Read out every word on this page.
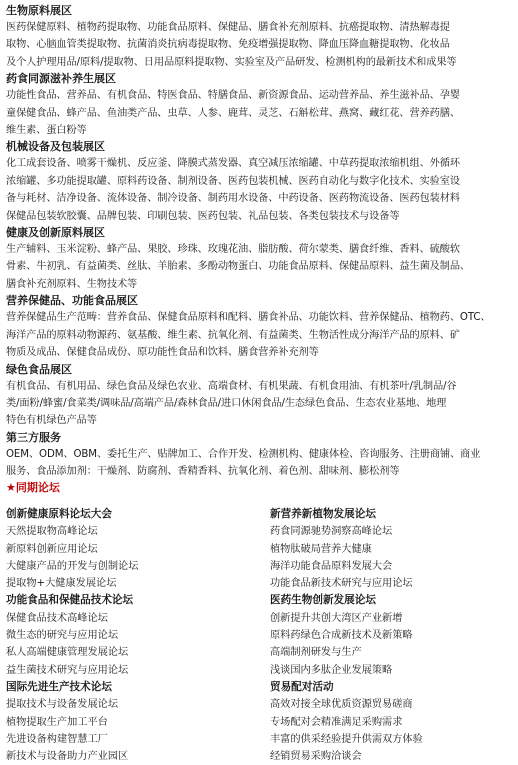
生物原料展区
医药保健原料、植物药提取物、功能食品原料、保健品、膳食补充剂原料、抗癌提取物、清热解毒提
取物、心脑血管类提取物、抗菌消炎抗病毒提取物、免疫增强提取物、降血压降血糖提取物、化妆品
及个人护理用品/原料/提取物、日用品原料提取物、实验室及产品研发、检测机构的最新技术和成果等
药食同源滋补养生展区
功能性食品、营养品、有机食品、特医食品、特膳食品、新资源食品、运动营养品、养生滋补品、孕婴
童保健食品、蜂产品、鱼油类产品、虫草、人参、鹿茸、灵芝、石斛松茸、燕窝、藏红花、营养药膳、
维生素、蛋白粉等
机械设备及包装展区
化工成套设备、喷雾干燥机、反应釜、降膜式蒸发器、真空减压浓缩罐、中草药提取浓缩机组、外循环
浓缩罐、多功能提取罐、原料药设备、制剂设备、医药包装机械、医药自动化与数字化技术、实验室设
备与耗材、洁净设备、流体设备、制冷设备、制药用水设备、中药设备、医药物流设备、医药包装材料
保健品包装软胶囊、品牌包装、印刷包装、医药包装、礼品包装、各类包装技术与设备等
健康及创新原料展区
生产辅料、玉米淀粉、蜂产品、果胶、珍珠、玫瑰花油、脂肪酸、荷尔蒙类、膳食纤维、香料、硫酸软
骨素、牛初乳、有益菌类、丝肽、羊胎素、多酚动物蛋白、功能食品原料、保健品原料、益生菌及制品、
膳食补充剂原料、生物技术等
营养保健品、功能食品展区
营养保健品生产范畴：营养食品、保健食品原料和配料、膳食补品、功能饮料、营养保健品、植物药、OTC、
海洋产品的原料动物源药、氨基酸、维生素、抗氧化剂、有益菌类、生物活性成分海洋产品的原料、矿
物质及成品、保健食品成份、原功能性食品和饮料、膳食营养补充剂等
绿色食品展区
有机食品、有机用品、绿色食品及绿色农业、高端食材、有机果蔬、有机食用油、有机茶叶/乳制品/谷
类/面粉/蜂蜜/食菜类/调味品/高端产品/森林食品/进口休闲食品/生态绿色食品、生态农业基地、地理
特色有机绿色产品等
第三方服务
OEM、ODM、OBM、委托生产、贴牌加工、合作开发、检测机构、健康体检、咨询服务、注册商铺、商业
服务、食品添加剂：干燥剂、防腐剂、香精香料、抗氧化剂、着色剂、甜味剂、膨松剂等
★同期论坛
创新健康原料论坛大会
天然提取物高峰论坛
新原料创新应用论坛
大健康产品的开发与创制论坛
提取物+大健康发展论坛
功能食品和保健品技术论坛
保健食品技术高峰论坛
微生态的研究与应用论坛
私人高端健康管理发展论坛
益生菌技术研究与应用论坛
国际先进生产技术论坛
提取技术与设备发展论坛
植物提取生产加工平台
先进设备构建智慧工厂
新技术与设备助力产业园区
新营养新植物发展论坛
药食同源驰势洞察高峰论坛
植物肽破局营养大健康
海洋功能食品原料发展大会
功能食品新技术研究与应用论坛
医药生物创新发展论坛
创新提升共创大湾区产业新增
原料药绿色合成新技术及新策略
高端制剂研发与生产
浅谈国内多肽企业发展策略
贸易配对活动
高效对接全球优质资源贸易磋商
专场配对会精准满足采购需求
丰富的供采经验提升供需双方体验
经销贸易采购洽谈会
